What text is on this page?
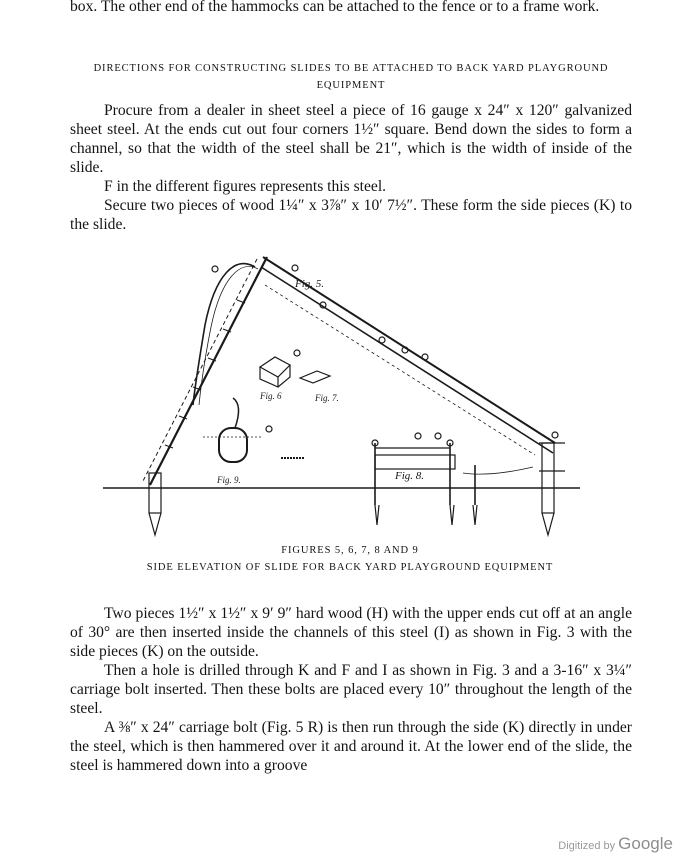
box. The other end of the hammocks can be attached to the fence or to a frame work.

DIRECTIONS FOR CONSTRUCTING SLIDES TO BE ATTACHED TO BACK YARD PLAYGROUND EQUIPMENT

Procure from a dealer in sheet steel a piece of 16 gauge x 24″ x 120″ galvanized sheet steel. At the ends cut out four corners 1½″ square. Bend down the sides to form a channel, so that the width of the steel shall be 21″, which is the width of inside of the slide.

F in the different figures represents this steel.

Secure two pieces of wood 1¼″ x 3⅞″ x 10′ 7½″. These form the side pieces (K) to the slide.

Fig. 5.
Fig. 6	Fig. 7.
Fig. 8.
Fig. 9.

FIGURES 5, 6, 7, 8 AND 9

SIDE ELEVATION OF SLIDE FOR BACK YARD PLAYGROUND EQUIPMENT

Two pieces 1½″ x 1½″ x 9′ 9″ hard wood (H) with the upper ends cut off at an angle of 30° are then inserted inside the channels of this steel (I) as shown in Fig. 3 with the side pieces (K) on the outside.

Then a hole is drilled through K and F and I as shown in Fig. 3 and a 3-16″ x 3¼″ carriage bolt inserted. Then these bolts are placed every 10″ throughout the length of the steel.

A ⅜″ x 24″ carriage bolt (Fig. 5 R) is then run through the side (K) directly in under the steel, which is then hammered over it and around it. At the lower end of the slide, the steel is hammered down into a groove

Digitized by Google
